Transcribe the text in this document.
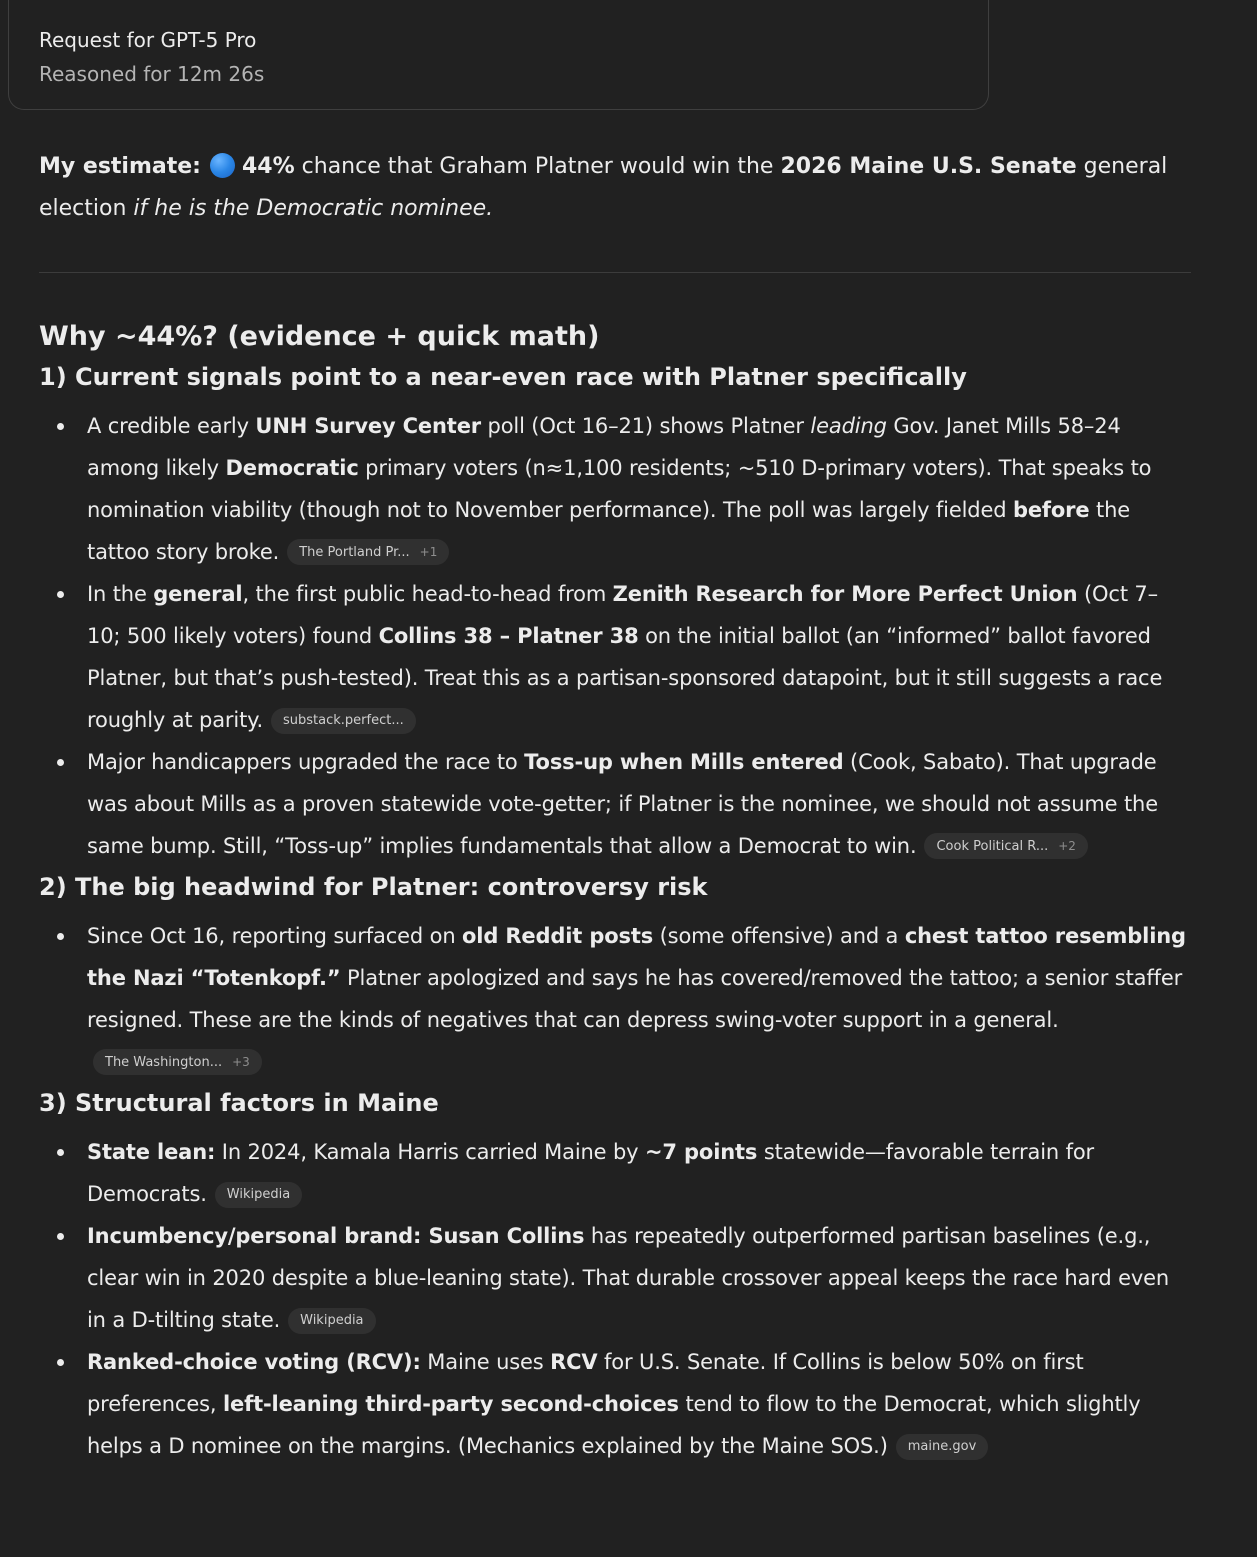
Request for GPT-5 Pro
Reasoned for 12m 26s

My estimate: 44% chance that Graham Platner would win the 2026 Maine U.S. Senate general election if he is the Democratic nominee.

Why ~44%? (evidence + quick math)
1) Current signals point to a near-even race with Platner specifically
A credible early UNH Survey Center poll (Oct 16–21) shows Platner leading Gov. Janet Mills 58–24 among likely Democratic primary voters (n≈1,100 residents; ~510 D-primary voters). That speaks to nomination viability (though not to November performance). The poll was largely fielded before the tattoo story broke. The Portland Pr... +1
In the general, the first public head-to-head from Zenith Research for More Perfect Union (Oct 7–10; 500 likely voters) found Collins 38 – Platner 38 on the initial ballot (an “informed” ballot favored Platner, but that’s push-tested). Treat this as a partisan-sponsored datapoint, but it still suggests a race roughly at parity. substack.perfect...
Major handicappers upgraded the race to Toss-up when Mills entered (Cook, Sabato). That upgrade was about Mills as a proven statewide vote-getter; if Platner is the nominee, we should not assume the same bump. Still, “Toss-up” implies fundamentals that allow a Democrat to win. Cook Political R... +2
2) The big headwind for Platner: controversy risk
Since Oct 16, reporting surfaced on old Reddit posts (some offensive) and a chest tattoo resembling the Nazi “Totenkopf.” Platner apologized and says he has covered/removed the tattoo; a senior staffer resigned. These are the kinds of negatives that can depress swing-voter support in a general.
The Washington... +3
3) Structural factors in Maine
State lean: In 2024, Kamala Harris carried Maine by ~7 points statewide—favorable terrain for Democrats. Wikipedia
Incumbency/personal brand: Susan Collins has repeatedly outperformed partisan baselines (e.g., clear win in 2020 despite a blue-leaning state). That durable crossover appeal keeps the race hard even in a D-tilting state. Wikipedia
Ranked-choice voting (RCV): Maine uses RCV for U.S. Senate. If Collins is below 50% on first preferences, left-leaning third-party second-choices tend to flow to the Democrat, which slightly helps a D nominee on the margins. (Mechanics explained by the Maine SOS.) maine.gov
